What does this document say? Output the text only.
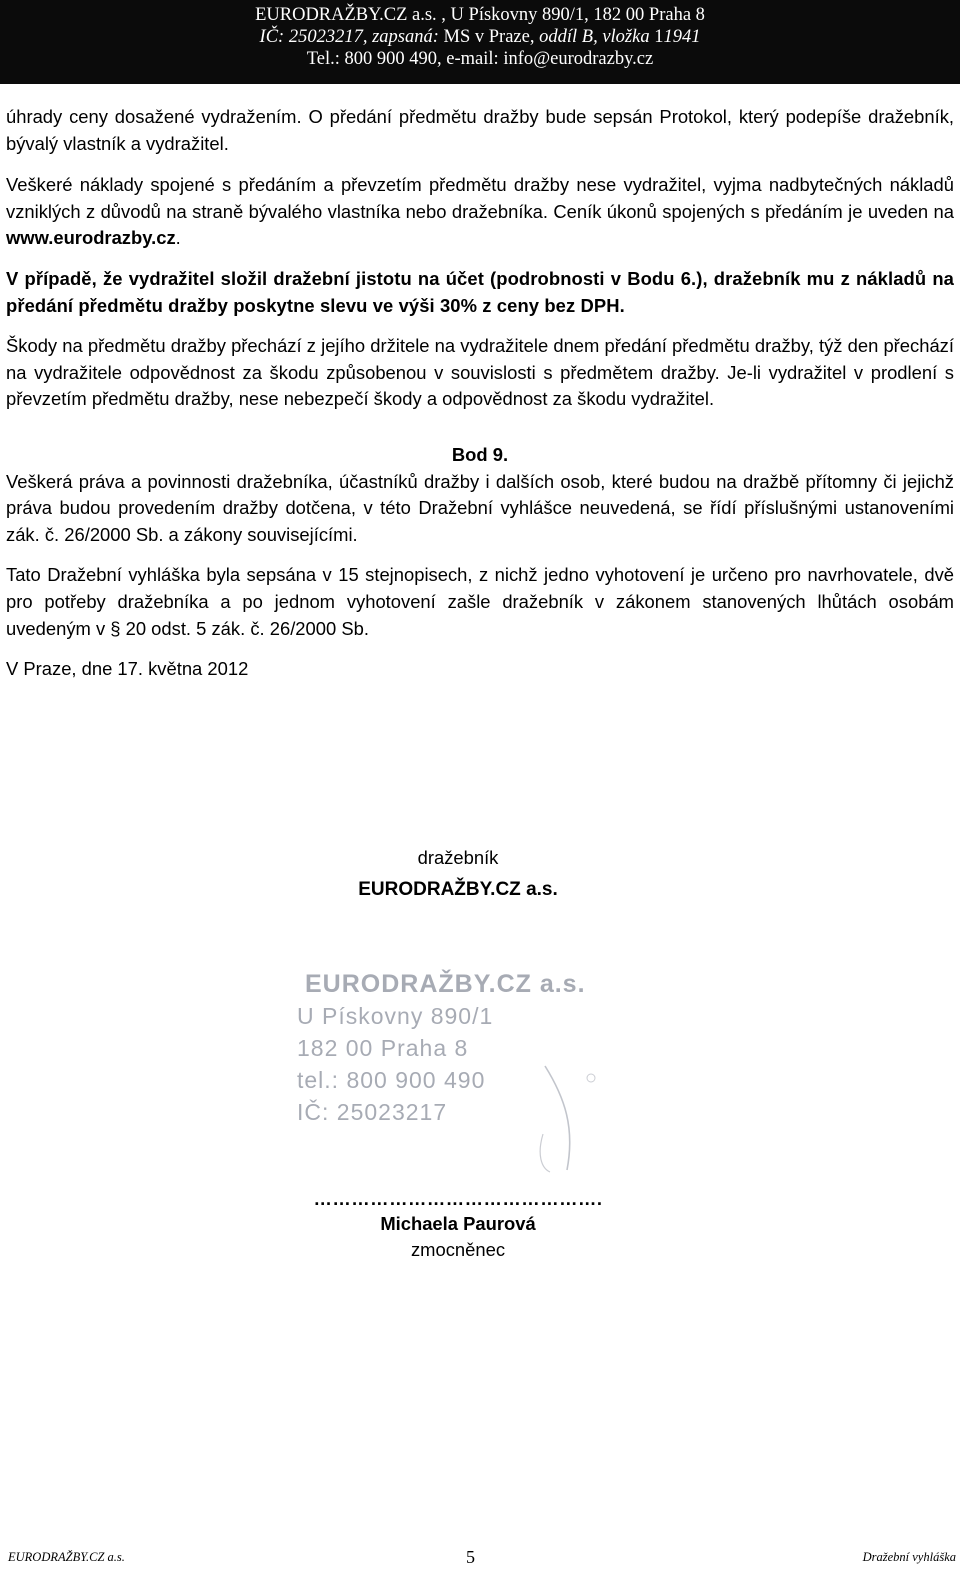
EURODRAŽBY.CZ a.s. , U Pískovny 890/1, 182 00 Praha 8
IČ: 25023217, zapsaná: MS v Praze, oddíl B, vložka 11941
Tel.: 800 900 490, e-mail: info@eurodrazby.cz

úhrady ceny dosažené vydražením. O předání předmětu dražby bude sepsán Protokol, který podepíše dražebník, bývalý vlastník a vydražitel.

Veškeré náklady spojené s předáním a převzetím předmětu dražby nese vydražitel, vyjma nadbytečných nákladů vzniklých z důvodů na straně bývalého vlastníka nebo dražebníka. Ceník úkonů spojených s předáním je uveden na www.eurodrazby.cz.

V případě, že vydražitel složil dražební jistotu na účet (podrobnosti v Bodu 6.), dražebník mu z nákladů na předání předmětu dražby poskytne slevu ve výši 30% z ceny bez DPH.

Škody na předmětu dražby přechází z jejího držitele na vydražitele dnem předání předmětu dražby, týž den přechází na vydražitele odpovědnost za škodu způsobenou v souvislosti s předmětem dražby. Je-li vydražitel v prodlení s převzetím předmětu dražby, nese nebezpečí škody a odpovědnost za škodu vydražitel.

Bod 9.

Veškerá práva a povinnosti dražebníka, účastníků dražby i dalších osob, které budou na dražbě přítomny či jejichž práva budou provedením dražby dotčena, v této Dražební vyhlášce neuvedená, se řídí příslušnými ustanoveními zák. č. 26/2000 Sb. a zákony souvisejícími.

Tato Dražební vyhláška byla sepsána v 15 stejnopisech, z nichž jedno vyhotovení je určeno pro navrhovatele, dvě pro potřeby dražebníka a po jednom vyhotovení zašle dražebník v zákonem stanovených lhůtách osobám uvedeným v § 20 odst. 5 zák. č. 26/2000 Sb.

V Praze, dne 17. května 2012

dražebník
EURODRAŽBY.CZ a.s.
EURODRAŽBY.CZ a.s.
U Pískovny 890/1
182 00 Praha 8
tel.: 800 900 490
IČ: 25023217
……………………………………….
Michaela Paurová
zmocněnec
EURODRAŽBY.CZ a.s.	5	Dražební vyhláška
